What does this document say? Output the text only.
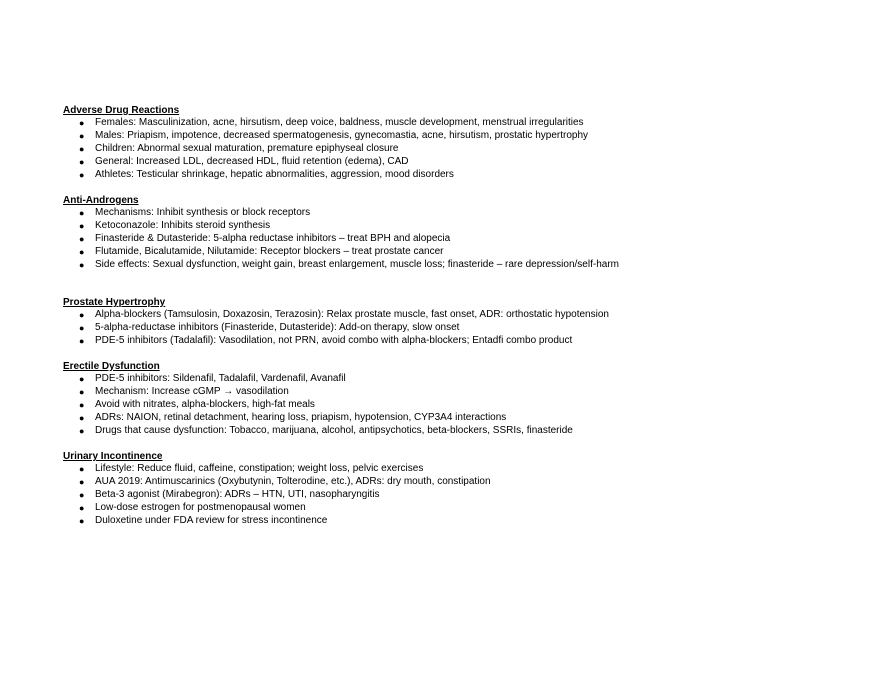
Adverse Drug Reactions
● Females: Masculinization, acne, hirsutism, deep voice, baldness, muscle development, menstrual irregularities
● Males: Priapism, impotence, decreased spermatogenesis, gynecomastia, acne, hirsutism, prostatic hypertrophy
● Children: Abnormal sexual maturation, premature epiphyseal closure
● General: Increased LDL, decreased HDL, fluid retention (edema), CAD
● Athletes: Testicular shrinkage, hepatic abnormalities, aggression, mood disorders
Anti-Androgens
● Mechanisms: Inhibit synthesis or block receptors
● Ketoconazole: Inhibits steroid synthesis
● Finasteride & Dutasteride: 5-alpha reductase inhibitors – treat BPH and alopecia
● Flutamide, Bicalutamide, Nilutamide: Receptor blockers – treat prostate cancer
● Side effects: Sexual dysfunction, weight gain, breast enlargement, muscle loss; finasteride – rare depression/self-harm
Prostate Hypertrophy
● Alpha-blockers (Tamsulosin, Doxazosin, Terazosin): Relax prostate muscle, fast onset, ADR: orthostatic hypotension
● 5-alpha-reductase inhibitors (Finasteride, Dutasteride): Add-on therapy, slow onset
● PDE-5 inhibitors (Tadalafil): Vasodilation, not PRN, avoid combo with alpha-blockers; Entadfi combo product
Erectile Dysfunction
● PDE-5 inhibitors: Sildenafil, Tadalafil, Vardenafil, Avanafil
● Mechanism: Increase cGMP → vasodilation
● Avoid with nitrates, alpha-blockers, high-fat meals
● ADRs: NAION, retinal detachment, hearing loss, priapism, hypotension, CYP3A4 interactions
● Drugs that cause dysfunction: Tobacco, marijuana, alcohol, antipsychotics, beta-blockers, SSRIs, finasteride
Urinary Incontinence
● Lifestyle: Reduce fluid, caffeine, constipation; weight loss, pelvic exercises
● AUA 2019: Antimuscarinics (Oxybutynin, Tolterodine, etc.), ADRs: dry mouth, constipation
● Beta-3 agonist (Mirabegron): ADRs – HTN, UTI, nasopharyngitis
● Low-dose estrogen for postmenopausal women
● Duloxetine under FDA review for stress incontinence
